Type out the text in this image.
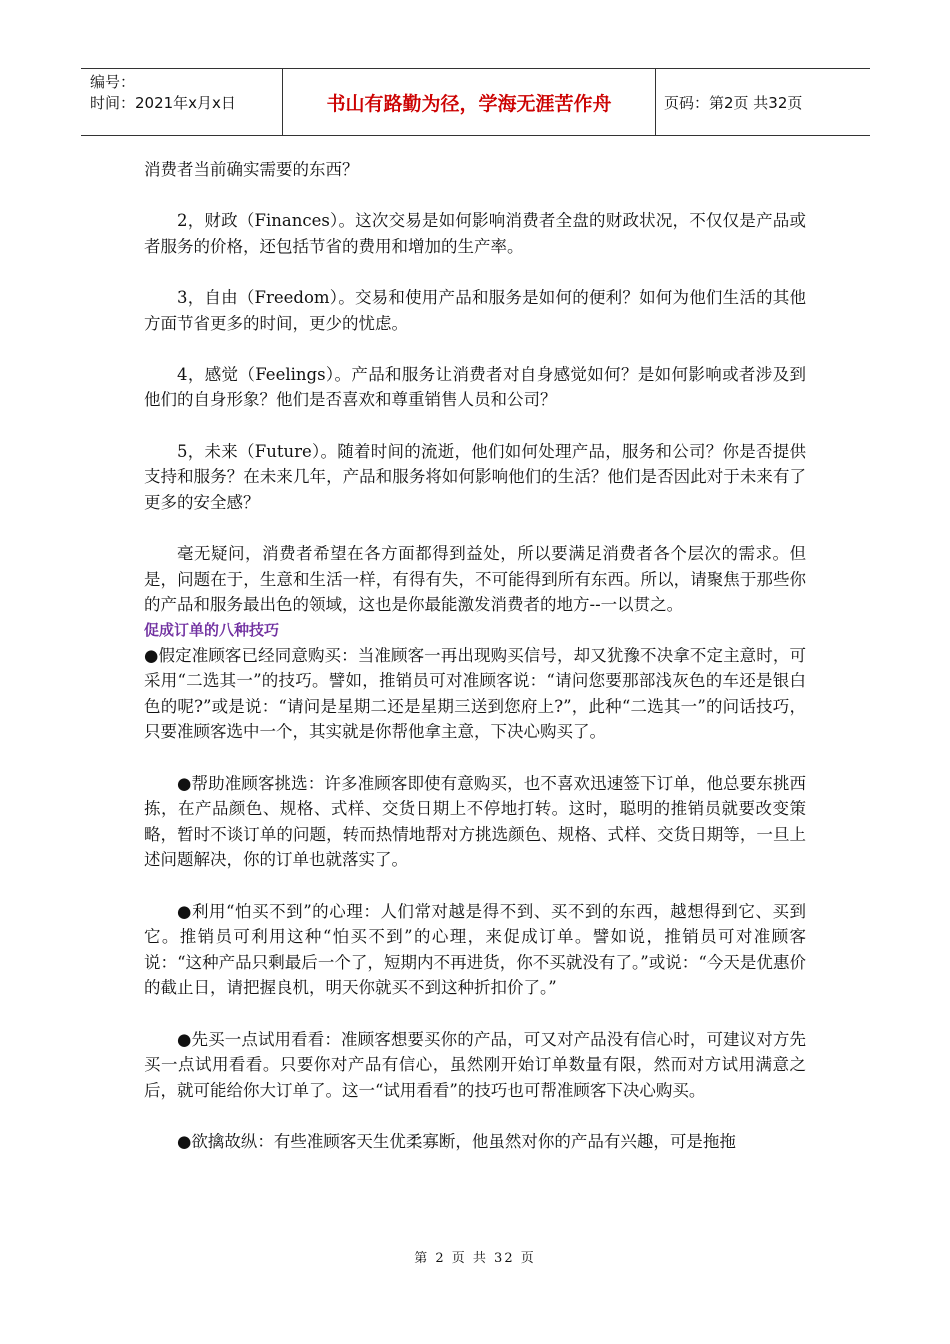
编号：
时间：2021年x月x日	书山有路勤为径，学海无涯苦作舟	页码：第2页 共32页

消费者当前确实需要的东西？

2，财政（Finances）。这次交易是如何影响消费者全盘的财政状况，不仅仅是产品或者服务的价格，还包括节省的费用和增加的生产率。

3，自由（Freedom）。交易和使用产品和服务是如何的便利？如何为他们生活的其他方面节省更多的时间，更少的忧虑。

4，感觉（Feelings）。产品和服务让消费者对自身感觉如何？是如何影响或者涉及到他们的自身形象？他们是否喜欢和尊重销售人员和公司？

5，未来（Future）。随着时间的流逝，他们如何处理产品，服务和公司？你是否提供支持和服务？在未来几年，产品和服务将如何影响他们的生活？他们是否因此对于未来有了更多的安全感？

毫无疑问，消费者希望在各方面都得到益处，所以要满足消费者各个层次的需求。但是，问题在于，生意和生活一样，有得有失，不可能得到所有东西。所以，请聚焦于那些你的产品和服务最出色的领域，这也是你最能激发消费者的地方--一以贯之。

促成订单的八种技巧

●假定准顾客已经同意购买：当准顾客一再出现购买信号，却又犹豫不决拿不定主意时，可采用“二选其一”的技巧。譬如，推销员可对准顾客说：“请问您要那部浅灰色的车还是银白色的呢?”或是说：“请问是星期二还是星期三送到您府上?”，此种“二选其一”的问话技巧，只要准顾客选中一个，其实就是你帮他拿主意，下决心购买了。

●帮助准顾客挑选：许多准顾客即使有意购买，也不喜欢迅速签下订单，他总要东挑西拣，在产品颜色、规格、式样、交货日期上不停地打转。这时，聪明的推销员就要改变策略，暂时不谈订单的问题，转而热情地帮对方挑选颜色、规格、式样、交货日期等，一旦上述问题解决，你的订单也就落实了。

●利用“怕买不到”的心理：人们常对越是得不到、买不到的东西，越想得到它、买到它。推销员可利用这种“怕买不到”的心理，来促成订单。譬如说，推销员可对准顾客说：“这种产品只剩最后一个了，短期内不再进货，你不买就没有了。”或说：“今天是优惠价的截止日，请把握良机，明天你就买不到这种折扣价了。”

●先买一点试用看看：准顾客想要买你的产品，可又对产品没有信心时，可建议对方先买一点试用看看。只要你对产品有信心，虽然刚开始订单数量有限，然而对方试用满意之后，就可能给你大订单了。这一“试用看看”的技巧也可帮准顾客下决心购买。

●欲擒故纵：有些准顾客天生优柔寡断，他虽然对你的产品有兴趣，可是拖拖

第 2 页 共 32 页
